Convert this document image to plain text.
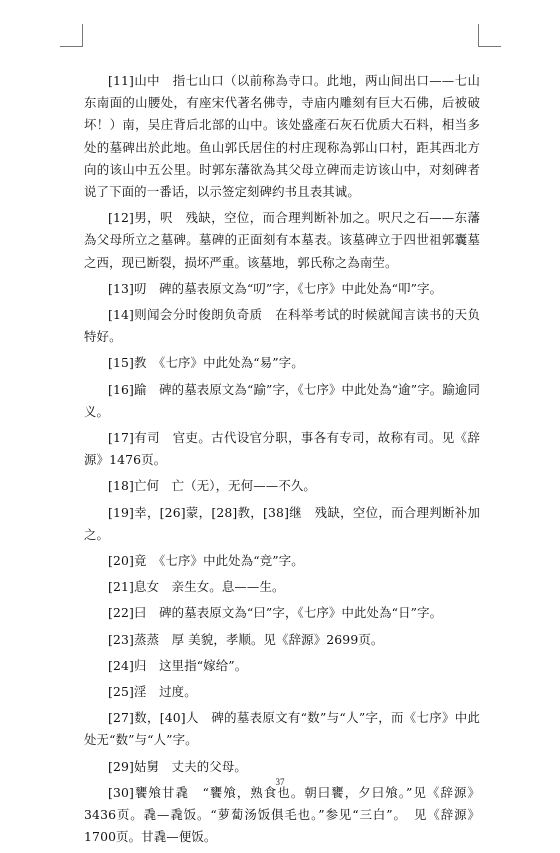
[11]山中　指七山口（以前称為寺口。此地，两山间出口——七山东南面的山腰处，有座宋代著名佛寺，寺庙内雕刻有巨大石佛，后被破坏！）南，吴庄背后北部的山中。该处盛產石灰石优质大石料，相当多处的墓碑出於此地。鱼山郭氏居住的村庄现称為郭山口村，距其西北方向的该山中五公里。时郭东藩欲為其父母立碑而走访该山中，对刻碑者说了下面的一番话，以示签定刻碑约书且表其诚。

[12]男，呎　残缺，空位，而合理判断补加之。呎尺之石——东藩為父母所立之墓碑。墓碑的正面刻有本墓表。该墓碑立于四世祖郭囊墓之西，现已断裂，损坏严重。该墓地，郭氏称之為南茔。

[13]叨　碑的墓表原文為“叨”字，《七序》中此处為“叩”字。

[14]则闻会分时俊朗负奇质　在科举考试的时候就闻言读书的天负特好。

[15]教　《七序》中此处為“易”字。

[16]踰　碑的墓表原文為“踰”字，《七序》中此处為“逾”字。踰逾同义。

[17]有司　官吏。古代设官分职，事各有专司，故称有司。见《辞源》1476页。

[18]亡何　亡（无），无何——不久。

[19]幸，[26]蒙，[28]教，[38]继　残缺，空位，而合理判断补加之。

[20]竟　《七序》中此处為“竞”字。

[21]息女　亲生女。息——生。

[22]曰　碑的墓表原文為“曰”字，《七序》中此处為“日”字。

[23]蒸蒸　厚 美貌，孝顺。见《辞源》2699页。

[24]归　这里指“嫁给”。

[25]淫　过度。

[27]数，[40]人　碑的墓表原文有“数”与“人”字，而《七序》中此处无“数”与“人”字。

[29]姑舅　丈夫的父母。

[30]饔飧甘毳　“饔飧，熟食也。朝曰饔，夕曰飧。”见《辞源》3436页。毳—毳饭。“萝蔔汤饭俱毛也。”参见“三白”。　见《辞源》1700页。甘毳—便饭。

37
